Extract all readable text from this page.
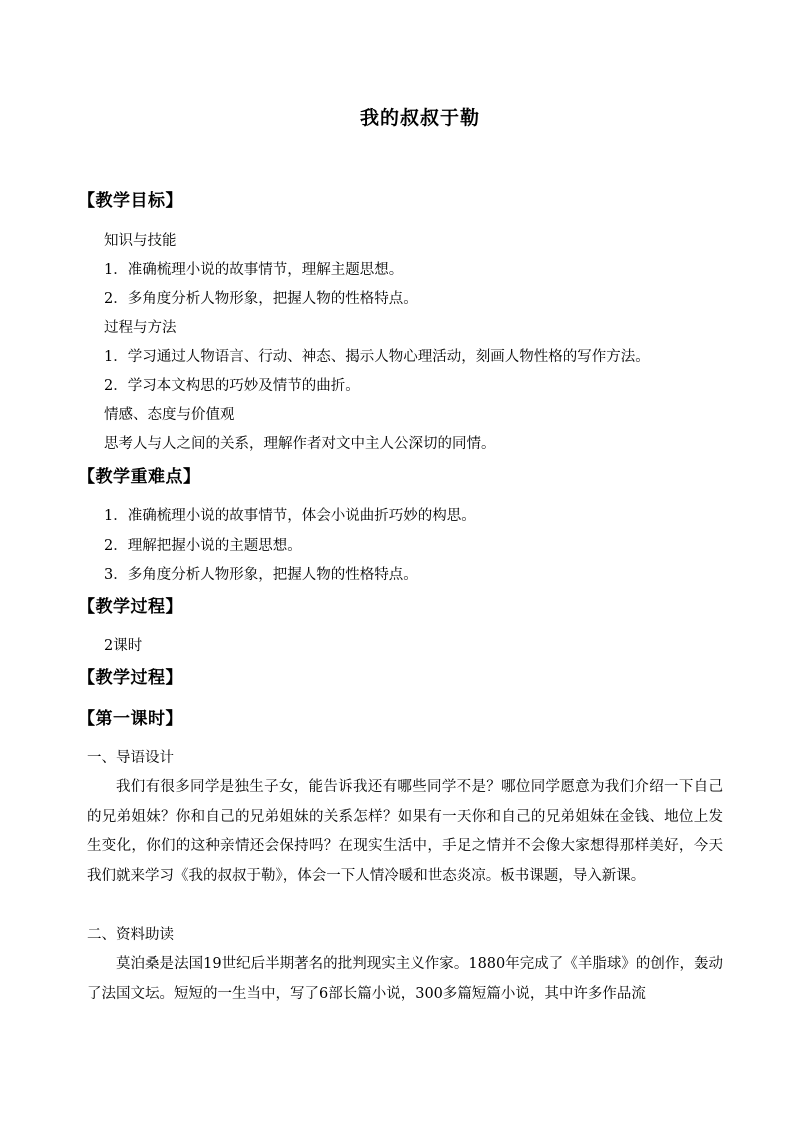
我的叔叔于勒
【教学目标】
知识与技能
1．准确梳理小说的故事情节，理解主题思想。
2．多角度分析人物形象，把握人物的性格特点。
过程与方法
1．学习通过人物语言、行动、神态、揭示人物心理活动，刻画人物性格的写作方法。
2．学习本文构思的巧妙及情节的曲折。
情感、态度与价值观
思考人与人之间的关系，理解作者对文中主人公深切的同情。
【教学重难点】
1．准确梳理小说的故事情节，体会小说曲折巧妙的构思。
2．理解把握小说的主题思想。
3．多角度分析人物形象，把握人物的性格特点。
【教学过程】
2课时
【教学过程】
【第一课时】
一、导语设计
我们有很多同学是独生子女，能告诉我还有哪些同学不是？哪位同学愿意为我们介绍一下自己的兄弟姐妹？你和自己的兄弟姐妹的关系怎样？如果有一天你和自己的兄弟姐妹在金钱、地位上发生变化，你们的这种亲情还会保持吗？在现实生活中，手足之情并不会像大家想得那样美好，今天我们就来学习《我的叔叔于勒》，体会一下人情冷暖和世态炎凉。板书课题，导入新课。
二、资料助读
莫泊桑是法国19世纪后半期著名的批判现实主义作家。1880年完成了《羊脂球》的创作，轰动了法国文坛。短短的一生当中，写了6部长篇小说，300多篇短篇小说，其中许多作品流
